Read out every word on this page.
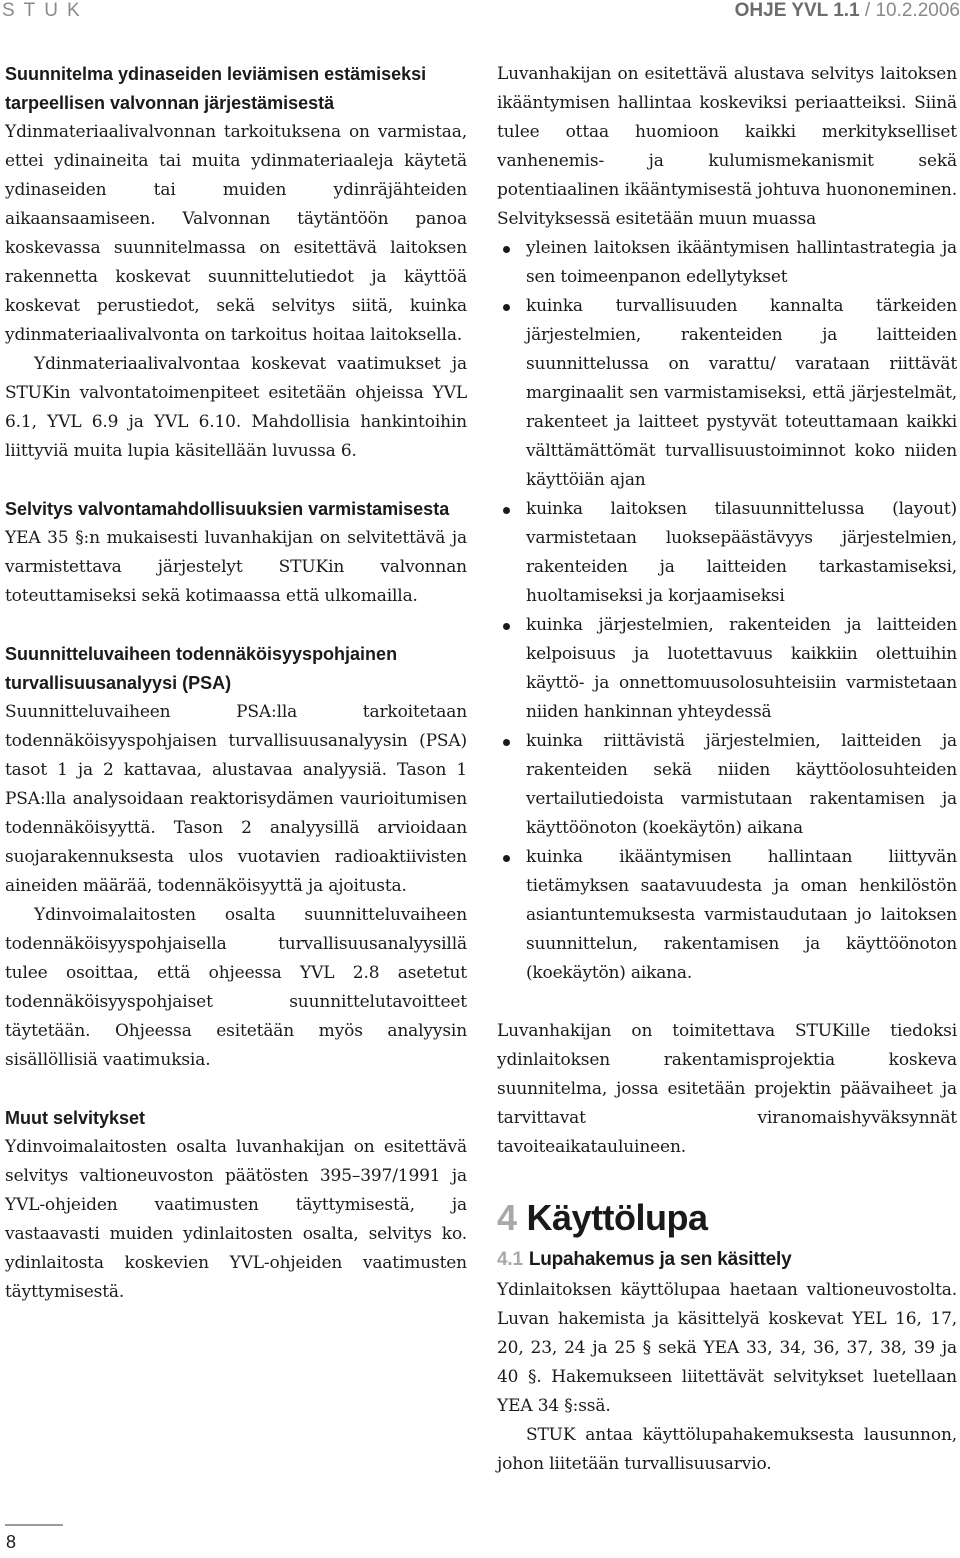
STUK	OHJE YVL 1.1 / 10.2.2006
Suunnitelma ydinaseiden leviämisen estämiseksi tarpeellisen valvonnan järjestämisestä

Ydinmateriaalivalvonnan tarkoituksena on varmistaa, ettei ydinaineita tai muita ydinmateriaaleja käytetä ydinaseiden tai muiden ydinräjähteiden aikaansaamiseen. Valvonnan täytäntöön panoa koskevassa suunnitelmassa on esitettävä laitoksen rakennetta koskevat suunnittelutiedot ja käyttöä koskevat perustiedot, sekä selvitys siitä, kuinka ydinmateriaalivalvonta on tarkoitus hoitaa laitoksella.

Ydinmateriaalivalvontaa koskevat vaatimukset ja STUKin valvontatoimenpiteet esitetään ohjeissa YVL 6.1, YVL 6.9 ja YVL 6.10. Mahdollisia hankintoihin liittyviä muita lupia käsitellään luvussa 6.

Selvitys valvontamahdollisuuksien varmistamisesta

YEA 35 §:n mukaisesti luvanhakijan on selvitettävä ja varmistettava järjestelyt STUKin valvonnan toteuttamiseksi sekä kotimaassa että ulkomailla.

Suunnitteluvaiheen todennäköisyyspohjainen turvallisuusanalyysi (PSA)

Suunnitteluvaiheen PSA:lla tarkoitetaan todennäköisyyspohjaisen turvallisuusanalyysin (PSA) tasot 1 ja 2 kattavaa, alustavaa analyysiä. Tason 1 PSA:lla analysoidaan reaktorisydämen vaurioitumisen todennäköisyyttä. Tason 2 analyysillä arvioidaan suojarakennuksesta ulos vuotavien radioaktiivisten aineiden määrää, todennäköisyyttä ja ajoitusta.

Ydinvoimalaitosten osalta suunnitteluvaiheen todennäköisyyspohjaisella turvallisuusanalyysillä tulee osoittaa, että ohjeessa YVL 2.8 asetetut todennäköisyyspohjaiset suunnittelutavoitteet täytetään. Ohjeessa esitetään myös analyysin sisällöllisiä vaatimuksia.

Muut selvitykset

Ydinvoimalaitosten osalta luvanhakijan on esitettävä selvitys valtioneuvoston päätösten 395–397/1991 ja YVL-ohjeiden vaatimusten täyttymisestä, ja vastaavasti muiden ydinlaitosten osalta, selvitys ko. ydinlaitosta koskevien YVL-ohjeiden vaatimusten täyttymisestä.

Luvanhakijan on esitettävä alustava selvitys laitoksen ikääntymisen hallintaa koskeviksi periaatteiksi. Siinä tulee ottaa huomioon kaikki merkitykselliset vanhenemis- ja kulumismekanismit sekä potentiaalinen ikääntymisestä johtuva huononeminen. Selvityksessä esitetään muun muassa

yleinen laitoksen ikääntymisen hallintastrategia ja sen toimeenpanon edellytykset
kuinka turvallisuuden kannalta tärkeiden järjestelmien, rakenteiden ja laitteiden suunnittelussa on varattu/ varataan riittävät marginaalit sen varmistamiseksi, että järjestelmät, rakenteet ja laitteet pystyvät toteuttamaan kaikki välttämättömät turvallisuustoiminnot koko niiden käyttöiän ajan
kuinka laitoksen tilasuunnittelussa (layout) varmistetaan luoksepäästävyys järjestelmien, rakenteiden ja laitteiden tarkastamiseksi, huoltamiseksi ja korjaamiseksi
kuinka järjestelmien, rakenteiden ja laitteiden kelpoisuus ja luotettavuus kaikkiin olettuihin käyttö- ja onnettomuusolosuhteisiin varmistetaan niiden hankinnan yhteydessä
kuinka riittävistä järjestelmien, laitteiden ja rakenteiden sekä niiden käyttöolosuhteiden vertailutiedoista varmistutaan rakentamisen ja käyttöönoton (koekäytön) aikana
kuinka ikääntymisen hallintaan liittyvän tietämyksen saatavuudesta ja oman henkilöstön asiantuntemuksesta varmistaudutaan jo laitoksen suunnittelun, rakentamisen ja käyttöönoton (koekäytön) aikana.

Luvanhakijan on toimitettava STUKille tiedoksi ydinlaitoksen rakentamisprojektia koskeva suunnitelma, jossa esitetään projektin päävaiheet ja tarvittavat viranomaishyväksynnät tavoiteaikatauluineen.

4 Käyttölupa
4.1 Lupahakemus ja sen käsittely

Ydinlaitoksen käyttölupaa haetaan valtioneuvostolta. Luvan hakemista ja käsittelyä koskevat YEL 16, 17, 20, 23, 24 ja 25 § sekä YEA 33, 34, 36, 37, 38, 39 ja 40 §. Hakemukseen liitettävät selvitykset luetellaan YEA 34 §:ssä.

STUK antaa käyttölupahakemuksesta lausunnon, johon liitetään turvallisuusarvio.

8
